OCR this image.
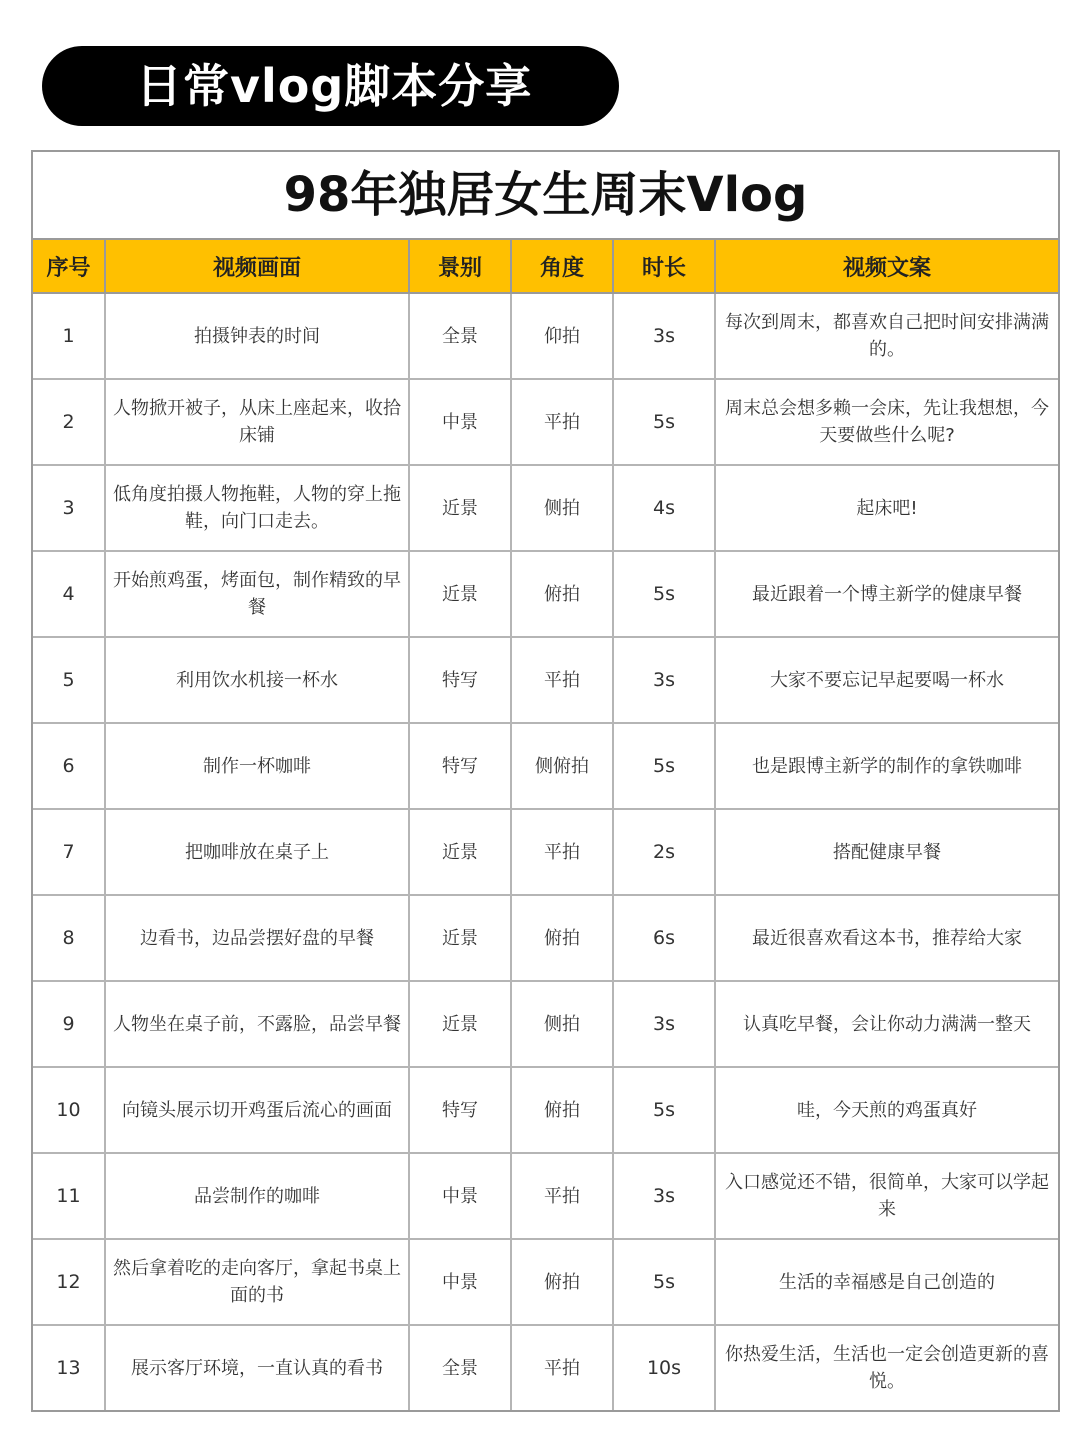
日常vlog脚本分享
98年独居女生周末Vlog
序号	视频画面	景别	角度	时长	视频文案
1	拍摄钟表的时间	全景	仰拍	3s	每次到周末，都喜欢自己把时间安排满满的。
2	人物掀开被子，从床上座起来，收拾床铺	中景	平拍	5s	周末总会想多赖一会床，先让我想想，今天要做些什么呢?
3	低角度拍摄人物拖鞋，人物的穿上拖鞋，向门口走去。	近景	侧拍	4s	起床吧!
4	开始煎鸡蛋，烤面包，制作精致的早餐	近景	俯拍	5s	最近跟着一个博主新学的健康早餐
5	利用饮水机接一杯水	特写	平拍	3s	大家不要忘记早起要喝一杯水
6	制作一杯咖啡	特写	侧俯拍	5s	也是跟博主新学的制作的拿铁咖啡
7	把咖啡放在桌子上	近景	平拍	2s	搭配健康早餐
8	边看书，边品尝摆好盘的早餐	近景	俯拍	6s	最近很喜欢看这本书，推荐给大家
9	人物坐在桌子前，不露脸，品尝早餐	近景	侧拍	3s	认真吃早餐，会让你动力满满一整天
10	向镜头展示切开鸡蛋后流心的画面	特写	俯拍	5s	哇，今天煎的鸡蛋真好
11	品尝制作的咖啡	中景	平拍	3s	入口感觉还不错，很简单，大家可以学起来
12	然后拿着吃的走向客厅，拿起书桌上面的书	中景	俯拍	5s	生活的幸福感是自己创造的
13	展示客厅环境，一直认真的看书	全景	平拍	10s	你热爱生活，生活也一定会创造更新的喜悦。
